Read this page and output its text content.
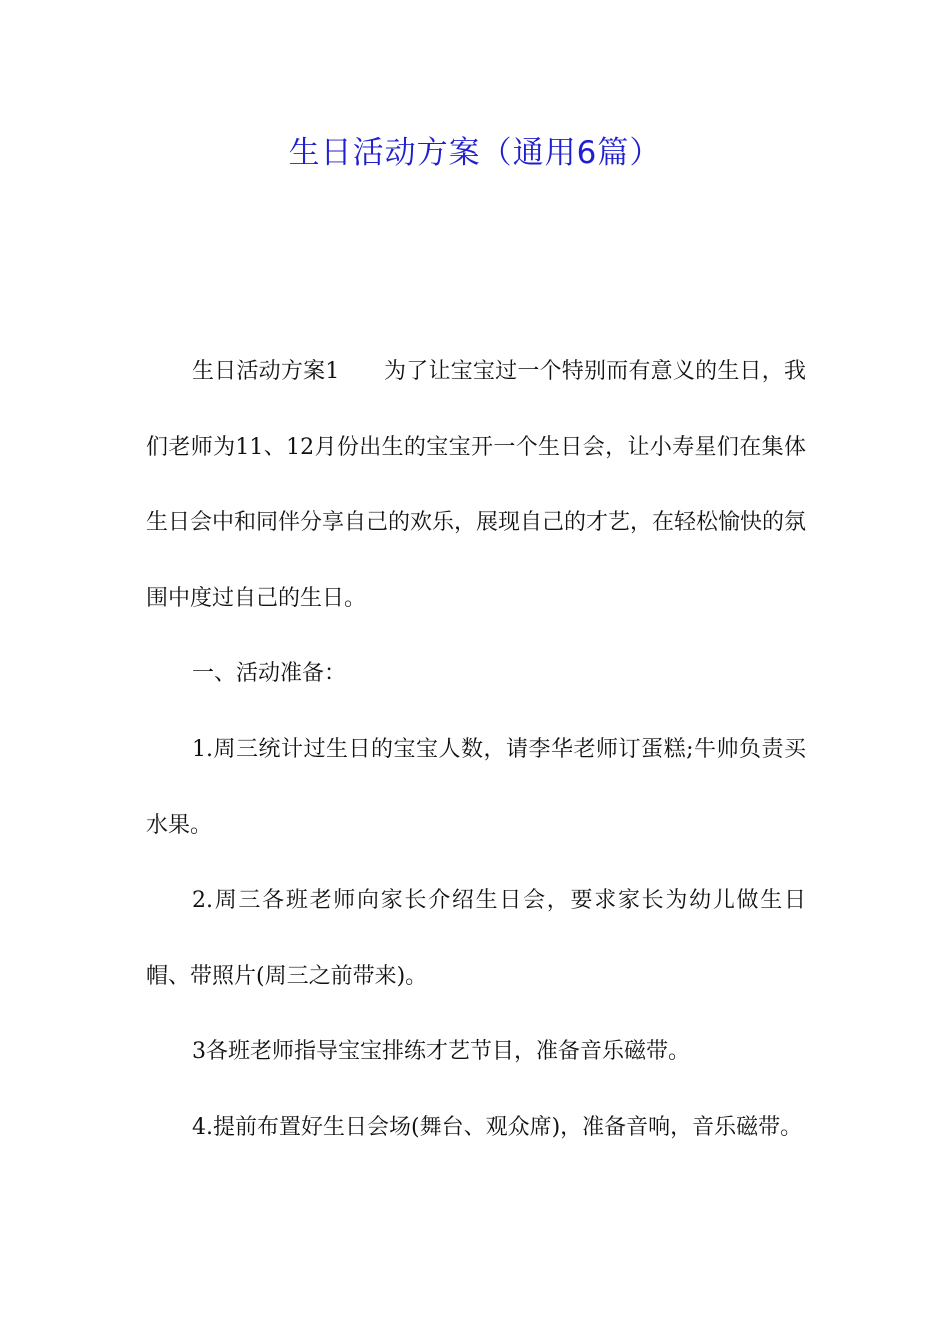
生日活动方案（通用6篇）

生日活动方案1　　为了让宝宝过一个特别而有意义的生日，我们老师为11、12月份出生的宝宝开一个生日会，让小寿星们在集体生日会中和同伴分享自己的欢乐，展现自己的才艺，在轻松愉快的氛围中度过自己的生日。

一、活动准备：

1.周三统计过生日的宝宝人数，请李华老师订蛋糕;牛帅负责买水果。

2.周三各班老师向家长介绍生日会，要求家长为幼儿做生日帽、带照片(周三之前带来)。

3各班老师指导宝宝排练才艺节目，准备音乐磁带。

4.提前布置好生日会场(舞台、观众席)，准备音响，音乐磁带。
